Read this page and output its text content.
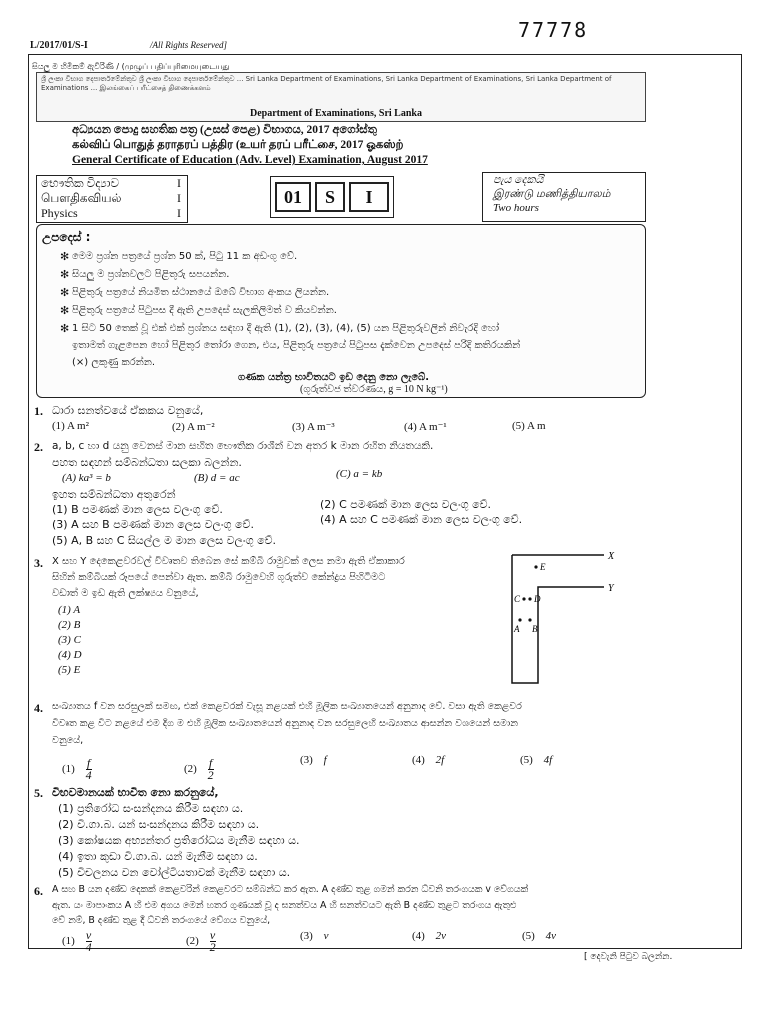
77778
L/2017/01/S-I	/All Rights Reserved]
සියලු ම හිමිකම් ඇවිරිණි / (முழுப் பதிப்புரிமையுடையது
ශ්‍රී ලංකා විභාග දෙපාර්තමේන්තුව ශ්‍රී ලංකා විභාග දෙපාර්තමේන්තුව ... Sri Lanka Department of Examinations, Sri Lanka Department of Examinations, Sri Lanka Department of Examinations ... இலங்கைப் பரீட்சைத் திணைக்களம்
Department of Examinations, Sri Lanka
අධ්‍යයන පොදු සහතික පත්‍ර (උසස් පෙළ) විභාගය, 2017 අගෝස්තු
கல்விப் பொதுத் தராதரப் பத்திர (உயர் தரப் பரீட்சை, 2017 ஓகஸ்ற்
General Certificate of Education (Adv. Level) Examination, August 2017
භෞතික විද්‍යාව	I
பௌதிகவியல்	I
Physics	I
01	S	I
පැය දෙකයි
இரண்டு மணித்தியாலம்
Two hours
උපදෙස් :
✻ මෙම ප්‍රශ්න පත්‍රයේ ප්‍රශ්න 50 ක්, පිටු 11 ක අඩංගු වේ.
✻ සියලු ම ප්‍රශ්නවලට පිළිතුරු සපයන්න.
✻ පිළිතුරු පත්‍රයේ නියමිත ස්ථානයේ ඔබේ විභාග අංකය ලියන්න.
✻ පිළිතුරු පත්‍රයේ පිටුපස දී ඇති උපදෙස් සැලකිලිමත් ව කියවන්න.
✻ 1 සිට 50 තෙක් වූ එක් එක් ප්‍රශ්නය සඳහා දී ඇති (1), (2), (3), (4), (5) යන පිළිතුරුවලින් නිවැරදි හෝ
ඉතාමත් ගැළපෙන හෝ පිළිතුර තෝරා ගෙන, එය, පිළිතුරු පත්‍රයේ පිටුපස දැක්වෙන උපදෙස් පරිදි කතිරයකින්
(×) ලකුණු කරන්න.
ගණක යන්ත්‍ර භාවිතයට ඉඩ දෙනු නො ලැබේ.
(ගුරුත්වජ ත්වරණය, g = 10 N kg⁻¹)
1. ධාරා ඝනත්වයේ ඒකකය වනුයේ,
(1) A m²	(2) A m⁻²	(3) A m⁻³	(4) A m⁻¹	(5) A m
2. a, b, c හා d යනු වෙනස් මාන සහිත භෞතික රාශීන් වන අතර k මාන රහිත නියතයකි.
පහත සඳහන් සම්බන්ධතා සලකා බලන්න.
(A) ka³ = b	(B) d = ac	(C) a = kb
ඉහත සම්බන්ධතා අතුරෙන්
(1) B පමණක් මාන ලෙස වලංගු වේ.	(2) C පමණක් මාන ලෙස වලංගු වේ.
(3) A සහ B පමණක් මාන ලෙස වලංගු වේ.	(4) A සහ C පමණක් මාන ලෙස වලංගු වේ.
(5) A, B සහ C සියල්ල ම මාන ලෙස වලංගු වේ.
3. X සහ Y දෙකෙළවරවල් විවෘතව තිබෙන සේ කම්බි රාමුවක් ලෙස නමා ඇති ඒකාකාර
සිහින් කම්බියක් රූපයේ පෙන්වා ඇත. කම්බි රාමුවෙහි ගුරුත්ව කේන්ද්‍රය පිහිටීමට
වඩාත් ම ඉඩ ඇති ලක්ෂ්‍යය වනුයේ,
(1) A
(2) B
(3) C
(4) D
(5) E
X
Y
E
C D
A B
4. සංඛ්‍යාතය f වන සරසුලක් සමඟ, එක් කෙළවරක් වැසූ නළයක් එහි මූලික සංඛ්‍යාතයෙන් අනුනාද වේ. වසා ඇති කෙළවර
විවෘත කළ විට නළයේ එම දිග ම එහි මූලික සංඛ්‍යාතයෙන් අනුනාද වන සරසුලෙහි සංඛ්‍යාතය ආසන්න වශයෙන් සමාන
වනුයේ,
$(1) \frac{f}{4}$	$(2) \frac{f}{2}$	(3) f	(4) 2f	(5) 4f
5. විභවමානයක් භාවිත නො කරනුයේ,
(1) ප්‍රතිරෝධ සංසන්දනය කිරීම සඳහා ය.
(2) වි.ගා.බ. යන් සංසන්දනය කිරීම සඳහා ය.
(3) කෝෂයක අභ්‍යන්තර ප්‍රතිරෝධය මැනීම සඳහා ය.
(4) ඉතා කුඩා වි.ගා.බ. යන් මැනීම සඳහා ය.
(5) විචලනය වන වෝල්ටීයතාවක් මැනීම සඳහා ය.
6. A සහ B යන දණ්ඩ දෙකක් කෙළවරින් කෙළවරට සම්බන්ධ කර ඇත. A දණ්ඩ තුළ ගමන් කරන ධ්වනි තරංගයක v වේගයක්
ඇත. යං මාපාංකය A හි එම අගය මෙන් හතර ගුණයක් වූ ද ඝනත්වය A හි ඝනත්වයට ඇති B දණ්ඩ තුළට තරංගය ඇතුළු
වේ නම්, B දණ්ඩ තුළ දී ධ්වනි තරංගයේ වේගය වනුයේ,
$(1) \frac{v}{4}$	$(2) \frac{v}{2}$	(3) v	(4) 2v	(5) 4v
[ දෙවැනි පිටුව බලන්න.
